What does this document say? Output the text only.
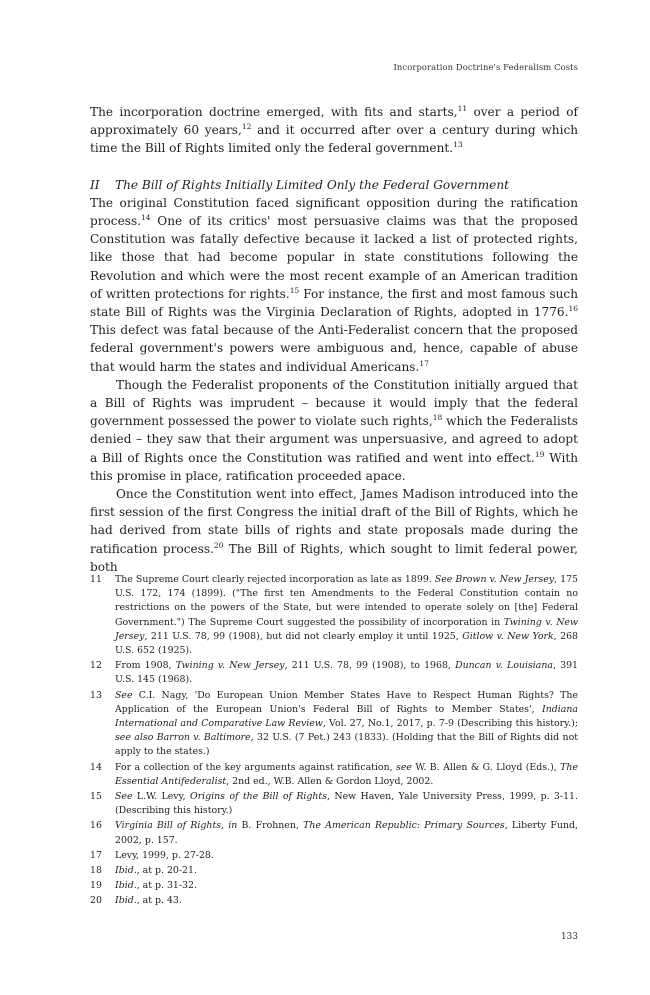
Incorporation Doctrine's Federalism Costs

The incorporation doctrine emerged, with fits and starts,$^{11}$ over a period of approximately 60 years,$^{12}$ and it occurred after over a century during which time the Bill of Rights limited only the federal government.$^{13}$

II The Bill of Rights Initially Limited Only the Federal Government

The original Constitution faced significant opposition during the ratification process.$^{14}$ One of its critics' most persuasive claims was that the proposed Constitution was fatally defective because it lacked a list of protected rights, like those that had become popular in state constitutions following the Revolution and which were the most recent example of an American tradition of written protections for rights.$^{15}$ For instance, the first and most famous such state Bill of Rights was the Virginia Declaration of Rights, adopted in 1776.16 This defect was fatal because of the Anti-Federalist concern that the proposed federal government's powers were ambiguous and, hence, capable of abuse that would harm the states and individual Americans.$^{17}$

Though the Federalist proponents of the Constitution initially argued that a Bill of Rights was imprudent – because it would imply that the federal government possessed the power to violate such rights,$^{18}$ which the Federalists denied – they saw that their argument was unpersuasive, and agreed to adopt a Bill of Rights once the Constitution was ratified and went into effect.$^{19}$ With this promise in place, ratification proceeded apace.

Once the Constitution went into effect, James Madison introduced into the first session of the first Congress the initial draft of the Bill of Rights, which he had derived from state bills of rights and state proposals made during the ratification process.$^{20}$ The Bill of Rights, which sought to limit federal power, both

11	The Supreme Court clearly rejected incorporation as late as 1899. See Brown v. New Jersey, 175 U.S. 172, 174 (1899). ("The first ten Amendments to the Federal Constitution contain no restrictions on the powers of the State, but were intended to operate solely on [the] Federal Government.") The Supreme Court suggested the possibility of incorporation in Twining v. New Jersey, 211 U.S. 78, 99 (1908), but did not clearly employ it until 1925, Gitlow v. New York, 268 U.S. 652 (1925).
12	From 1908, Twining v. New Jersey, 211 U.S. 78, 99 (1908), to 1968, Duncan v. Louisiana, 391 U.S. 145 (1968).
13	See C.I. Nagy, 'Do European Union Member States Have to Respect Human Rights? The Application of the European Union's Federal Bill of Rights to Member States', Indiana International and Comparative Law Review, Vol. 27, No.1, 2017, p. 7-9 (Describing this history.); see also Barron v. Baltimore, 32 U.S. (7 Pet.) 243 (1833). (Holding that the Bill of Rights did not apply to the states.)
14	For a collection of the key arguments against ratification, see W. B. Allen & G. Lloyd (Eds.), The Essential Antifederalist, 2nd ed., W.B. Allen & Gordon Lloyd, 2002.
15	See L.W. Levy, Origins of the Bill of Rights, New Haven, Yale University Press, 1999, p. 3-11. (Describing this history.)
16	Virginia Bill of Rights, in B. Frohnen, The American Republic: Primary Sources, Liberty Fund, 2002, p. 157.
17	Levy, 1999, p. 27-28.
18	Ibid., at p. 20-21.
19	Ibid., at p. 31-32.
20	Ibid., at p. 43.
133
